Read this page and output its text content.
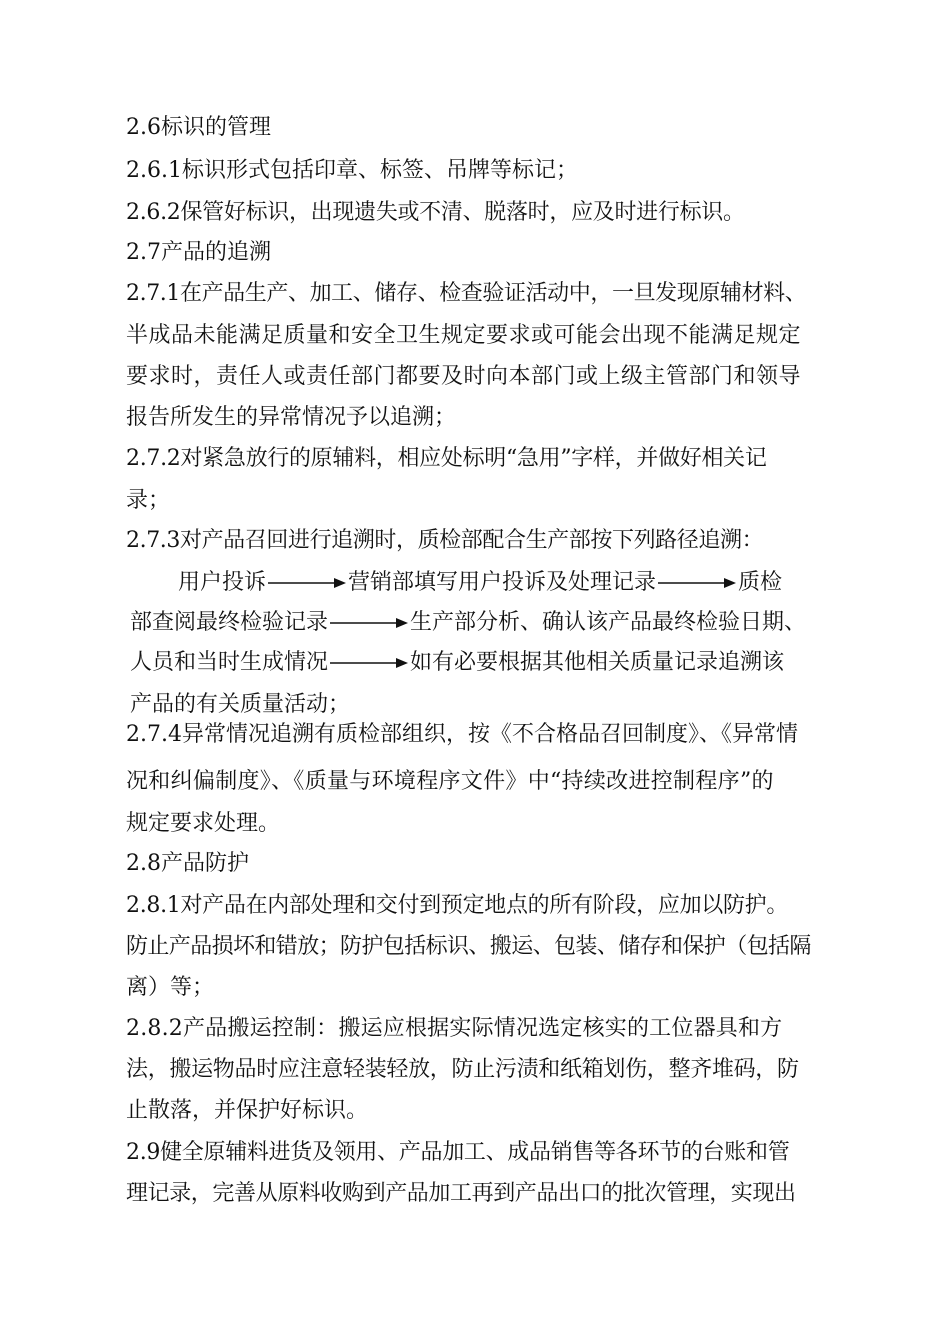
2.6标识的管理
2.6.1标识形式包括印章、标签、吊牌等标记；
2.6.2保管好标识，出现遗失或不清、脱落时，应及时进行标识。
2.7产品的追溯
2.7.1在产品生产、加工、储存、检查验证活动中，一旦发现原辅材料、
半成品未能满足质量和安全卫生规定要求或可能会出现不能满足规定
要求时，责任人或责任部门都要及时向本部门或上级主管部门和领导
报告所发生的异常情况予以追溯；
2.7.2对紧急放行的原辅料，相应处标明“急用”字样，并做好相关记
录；
2.7.3对产品召回进行追溯时，质检部配合生产部按下列路径追溯：
用户投诉	营销部填写用户投诉及处理记录	质检
部查阅最终检验记录	生产部分析、确认该产品最终检验日期、
人员和当时生成情况	如有必要根据其他相关质量记录追溯该
产品的有关质量活动；
2.7.4异常情况追溯有质检部组织，按《不合格品召回制度》、《异常情
况和纠偏制度》、《质量与环境程序文件》中“持续改进控制程序”的
规定要求处理。
2.8产品防护
2.8.1对产品在内部处理和交付到预定地点的所有阶段，应加以防护。
防止产品损坏和错放；防护包括标识、搬运、包装、储存和保护（包括隔
离）等；
2.8.2产品搬运控制：搬运应根据实际情况选定核实的工位器具和方
法，搬运物品时应注意轻装轻放，防止污渍和纸箱划伤，整齐堆码，防
止散落，并保护好标识。
2.9健全原辅料进货及领用、产品加工、成品销售等各环节的台账和管
理记录，完善从原料收购到产品加工再到产品出口的批次管理，实现出
